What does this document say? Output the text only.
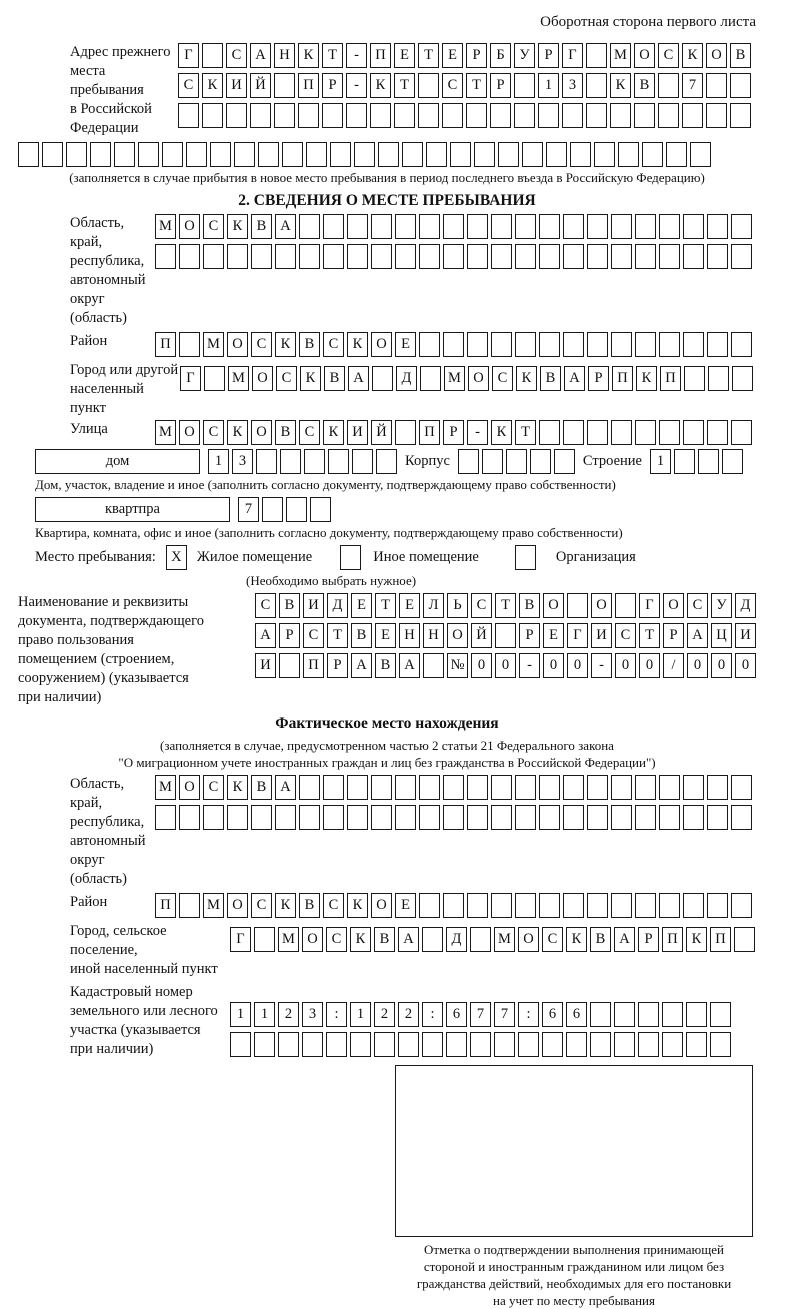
Оборотная сторона первого листа
Адрес прежнего
места пребывания
в Российской
Федерации
Г	С А Н К	Т	-	П Е	Т	Е	Р	Б	У	Р	Г	М О С К О В
С К И Й	П	Р	-	К	Т	С	Т	Р	1	3	К В	7
(заполняется в случае прибытия в новое место пребывания в период последнего въезда в Российскую Федерацию)
2. СВЕДЕНИЯ О МЕСТЕ ПРЕБЫВАНИЯ
Область, край,
республика,
автономный
округ (область)
М О С К В А
Район	П	М О С К В С К О Е
Город или другой
населенный пункт
Г	М О С К В А	Д	М О С К В А	Р	П К П
Улица	М О С К О В С К И Й	П	Р	-	К	Т
дом	1	3	Корпус	Строение	1
Дом, участок, владение и иное (заполнить согласно документу, подтверждающему право собственности)
квартпра	7
Квартира, комната, офис и иное (заполнить согласно документу, подтверждающему право собственности)
Место пребывания:	X	Жилое помещение	Иное помещение	Организация
(Необходимо выбрать нужное)
Наименование и реквизиты
документа, подтверждающего
право пользования
помещением (строением,
сооружением) (указывается
при наличии)
С В И Д	Е	Т	Е	Л	Ь	С	Т	В О	О	Г	О С У Д
А	Р	С	Т	В	Е Н Н О Й	Р	Е	Г	И С	Т	Р	А Ц И
И	П	Р	А В А	№ 0	0	-	0	0	-	0	0	/	0	0	0
Фактическое место нахождения
(заполняется в случае, предусмотренном частью 2 статьи 21 Федерального закона
"О миграционном учете иностранных граждан и лиц без гражданства в Российской Федерации")
Область, край,
республика,
автономный округ
(область)
М О С К В А
Район	П	М О С К В С К О Е
Город, сельское поселение,
иной населенный пункт
Г	М О С К В А	Д	М О С К В А	Р	П К П
Кадастровый номер
земельного или лесного
участка (указывается
при наличии)
1	1	2	3	:	1	2	2	:	6	7	7	:	6	6
Отметка о подтверждении выполнения принимающей
стороной и иностранным гражданином или лицом без
гражданства действий, необходимых для его постановки
на учет по месту пребывания
